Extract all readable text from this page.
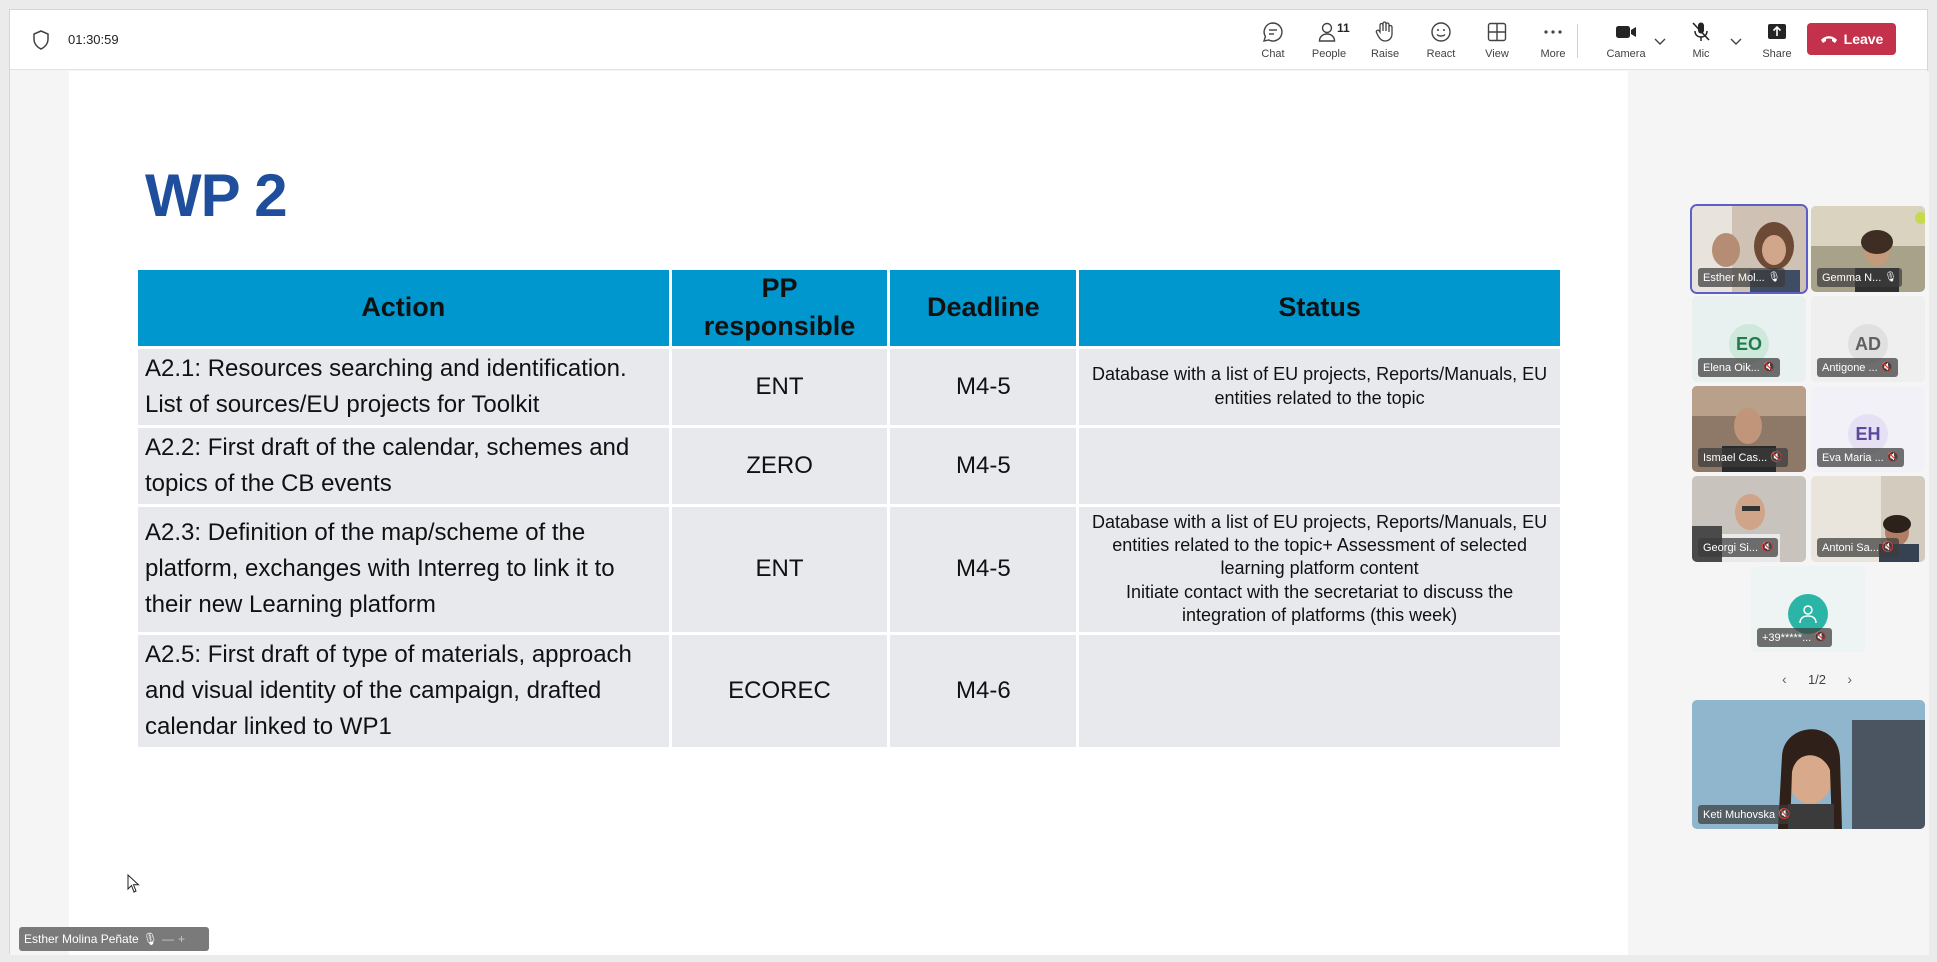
01:30:59
Chat
11
People Raise	React	View	More	Camera	Mic	Share
Leave
WP 2
Action	PP responsible	Deadline	Status
A2.1: Resources searching and identification. List of sources/EU projects for Toolkit	ENT	M4-5	Database with a list of EU projects, Reports/Manuals, EU entities related to the topic
A2.2: First draft of the calendar, schemes and topics of the CB events	ZERO	M4-5	
A2.3: Definition of the map/scheme of the platform, exchanges with Interreg to link it to their new Learning platform	ENT	M4-5	Database with a list of EU projects, Reports/Manuals, EU entities related to the topic+ Assessment of selected learning platform content
Initiate contact with the secretariat to discuss the integration of platforms (this week)

A2.5: First draft of type of materials, approach and visual identity of the campaign, drafted calendar linked to WP1	ECOREC	M4-6	
Esther Molina Peñate 🎙 — +
Esther Mol... 🎙	Gemma N... 🎙
EO
Elena Oik... 🔇
AD
Antigone ... 🔇
Ismael Cas... 🔇
EH
Eva Maria ... 🔇
Georgi Si... 🔇	Antoni Sa... 🔇
+39*****... 🔇
‹ 1/2 ›
Keti Muhovska 🔇
